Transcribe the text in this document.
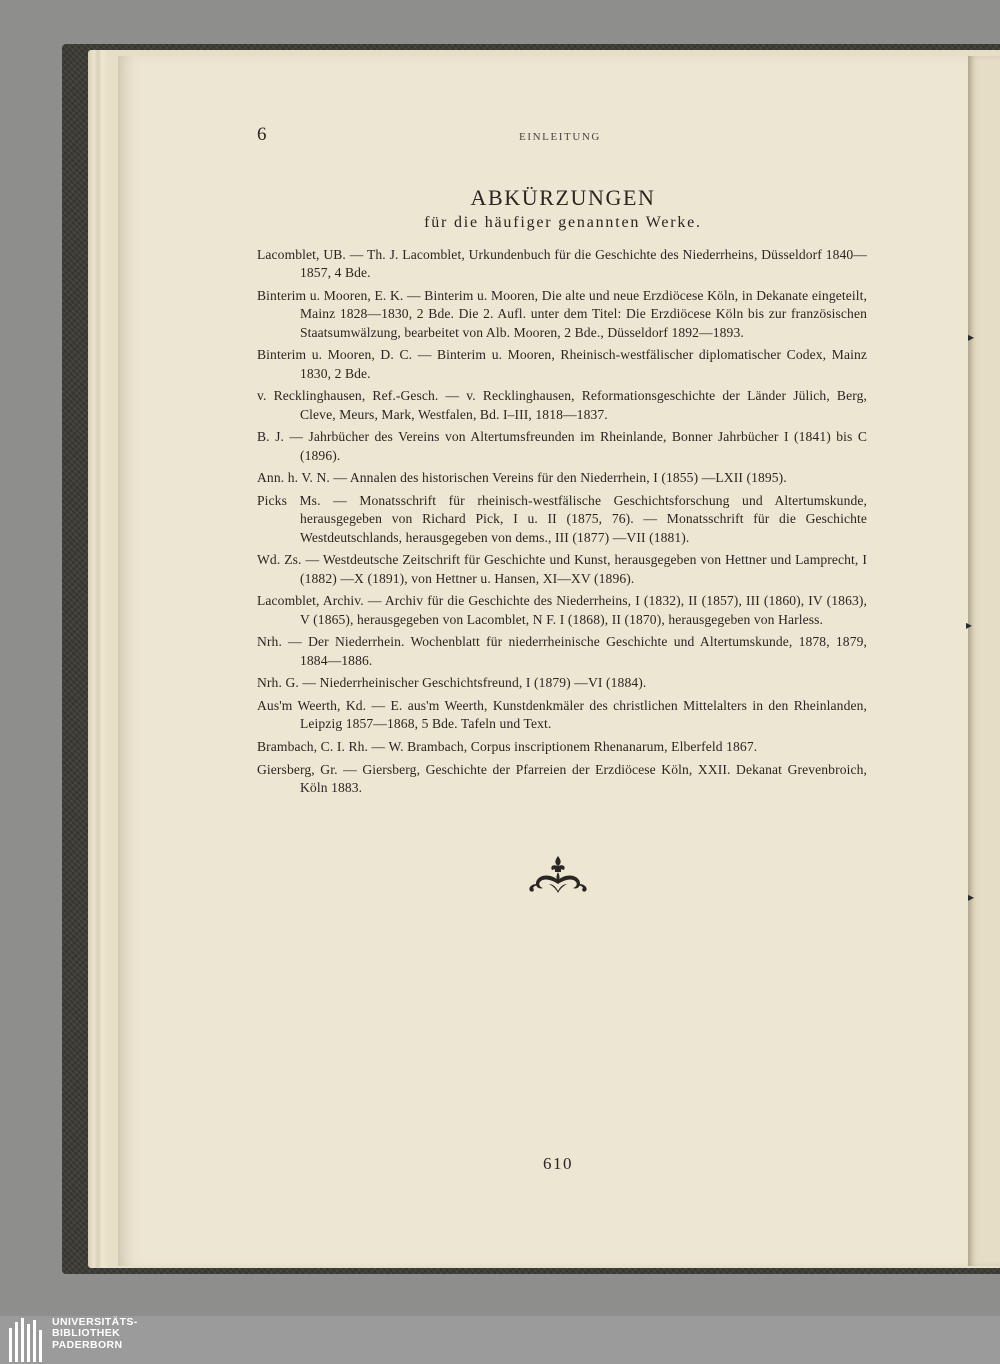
6	EINLEITUNG
ABKÜRZUNGEN
für die häufiger genannten Werke.
Lacomblet, UB. — Th. J. Lacomblet, Urkundenbuch für die Geschichte des Niederrheins, Düsseldorf 1840—1857, 4 Bde.
Binterim u. Mooren, E. K. — Binterim u. Mooren, Die alte und neue Erzdiöcese Köln, in Dekanate eingeteilt, Mainz 1828—1830, 2 Bde. Die 2. Aufl. unter dem Titel: Die Erzdiöcese Köln bis zur französischen Staatsumwälzung, bearbeitet von Alb. Mooren, 2 Bde., Düsseldorf 1892—1893.
Binterim u. Mooren, D. C. — Binterim u. Mooren, Rheinisch-westfälischer diplomatischer Codex, Mainz 1830, 2 Bde.
v. Recklinghausen, Ref.-Gesch. — v. Recklinghausen, Reformationsgeschichte der Länder Jülich, Berg, Cleve, Meurs, Mark, Westfalen, Bd. I–III, 1818—1837.
B. J. — Jahrbücher des Vereins von Altertumsfreunden im Rheinlande, Bonner Jahrbücher I (1841) bis C (1896).
Ann. h. V. N. — Annalen des historischen Vereins für den Niederrhein, I (1855) —LXII (1895).
Picks Ms. — Monatsschrift für rheinisch-westfälische Geschichtsforschung und Altertumskunde, herausgegeben von Richard Pick, I u. II (1875, 76). — Monatsschrift für die Geschichte Westdeutschlands, herausgegeben von dems., III (1877) —VII (1881).
Wd. Zs. — Westdeutsche Zeitschrift für Geschichte und Kunst, herausgegeben von Hettner und Lamprecht, I (1882) —X (1891), von Hettner u. Hansen, XI—XV (1896).
Lacomblet, Archiv. — Archiv für die Geschichte des Niederrheins, I (1832), II (1857), III (1860), IV (1863), V (1865), herausgegeben von Lacomblet, N F. I (1868), II (1870), herausgegeben von Harless.
Nrh. — Der Niederrhein. Wochenblatt für niederrheinische Geschichte und Altertumskunde, 1878, 1879, 1884—1886.
Nrh. G. — Niederrheinischer Geschichtsfreund, I (1879) —VI (1884).
Aus'm Weerth, Kd. — E. aus'm Weerth, Kunstdenkmäler des christlichen Mittelalters in den Rheinlanden, Leipzig 1857—1868, 5 Bde. Tafeln und Text.
Brambach, C. I. Rh. — W. Brambach, Corpus inscriptionem Rhenanarum, Elberfeld 1867.
Giersberg, Gr. — Giersberg, Geschichte der Pfarreien der Erzdiöcese Köln, XXII. Dekanat Grevenbroich, Köln 1883.
610
▸
▸
▸
UNIVERSITÄTS-
BIBLIOTHEK
PADERBORN
